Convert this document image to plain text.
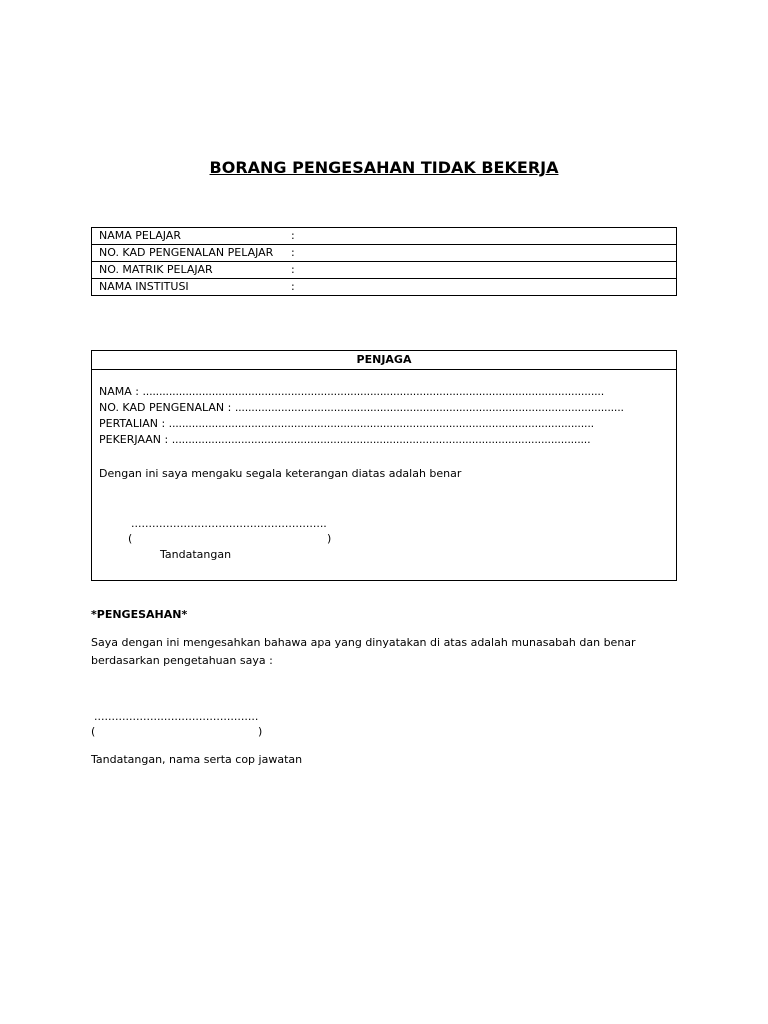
BORANG PENGESAHAN TIDAK BEKERJA
NAMA PELAJAR	:
NO. KAD PENGENALAN PELAJAR :
NO. MATRIK PELAJAR	:
NAMA INSTITUSI	:
PENJAGA
NAMA : ............................................................................................................................................
NO. KAD PENGENALAN : ......................................................................................................................
PERTALIAN : .................................................................................................................................
PEKERJAAN : ...............................................................................................................................
Dengan ini saya mengaku segala keterangan diatas adalah benar
........................................................
(	)
Tandatangan
*PENGESAHAN*
Saya dengan ini mengesahkan bahawa apa yang dinyatakan di atas adalah munasabah dan benar berdasarkan pengetahuan saya :
...............................................
(	)
Tandatangan, nama serta cop jawatan
